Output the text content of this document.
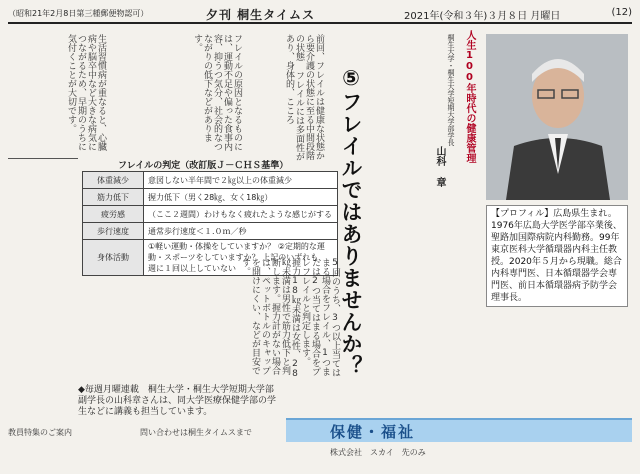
（昭和21年2月8日第三種郵便物認可）	夕刊 桐生タイムス	2021年(令和３年)３月８日 月曜日	(12)
人生100年時代の健康管理
桐生大学・桐生大学短期大学部学長
山科 章
【プロフィル】広島県生まれ。1976年広島大学医学部卒業後、聖路加国際病院内科勤務。99年東京医科大学循環器内科主任教授。2020年５月から現職。総合内科専門医、日本循環器学会専門医、前日本循環器病予防学会理事長。
⑤フレイルではありませんか？
前回、フレイルは健康な状態から要介護の状態に至る中間段階の状態 フレイルには多面性があり、身体的、こころ
フレイルの原因となるものには、運動不足や偏った食事内容、抑うつ気分、社会的なつながりの低下などがあります。
生活習慣病が重なると、心臓病や脳卒中など大きな病気につながるため、早期のうちに気付くことが大切です。
フレイルの判定（改訂版Ｊ－ＣＨＳ基準）
体重減少	意図しない半年間で２㎏以上の体重減少
筋力低下	握力低下（男く28㎏、女く18㎏）
疲労感	（ここ２週間）わけもなく疲れたような感じがする
歩行速度	通常歩行速度＜１.０ｍ／秒
身体活動	①軽い運動・体操をしていますか？ ②定期的な運動・スポーツをしていますか？ 上記のいずれも、週に１回以上していない	5回のうち、3つ以上当てはまる場合をフレイル、1つまたは2つ当てはまる場合をプレフレイルと判定します。 握力18㎏未満は女性、28㎏未満は男性で筋力低下と判断します。握力計がない場合は、ペットボトルのキャップを開けにくい、などが目安です。
◆毎週月曜連載　桐生大学・桐生大学短期大学部
副学長の山科章さんは、同大学医療保健学部の学
生などに講義も担当しています。
保健・福祉
教員特集のご案内	問い合わせは桐生タイムスまで
株式会社　スカイ　先のみ
